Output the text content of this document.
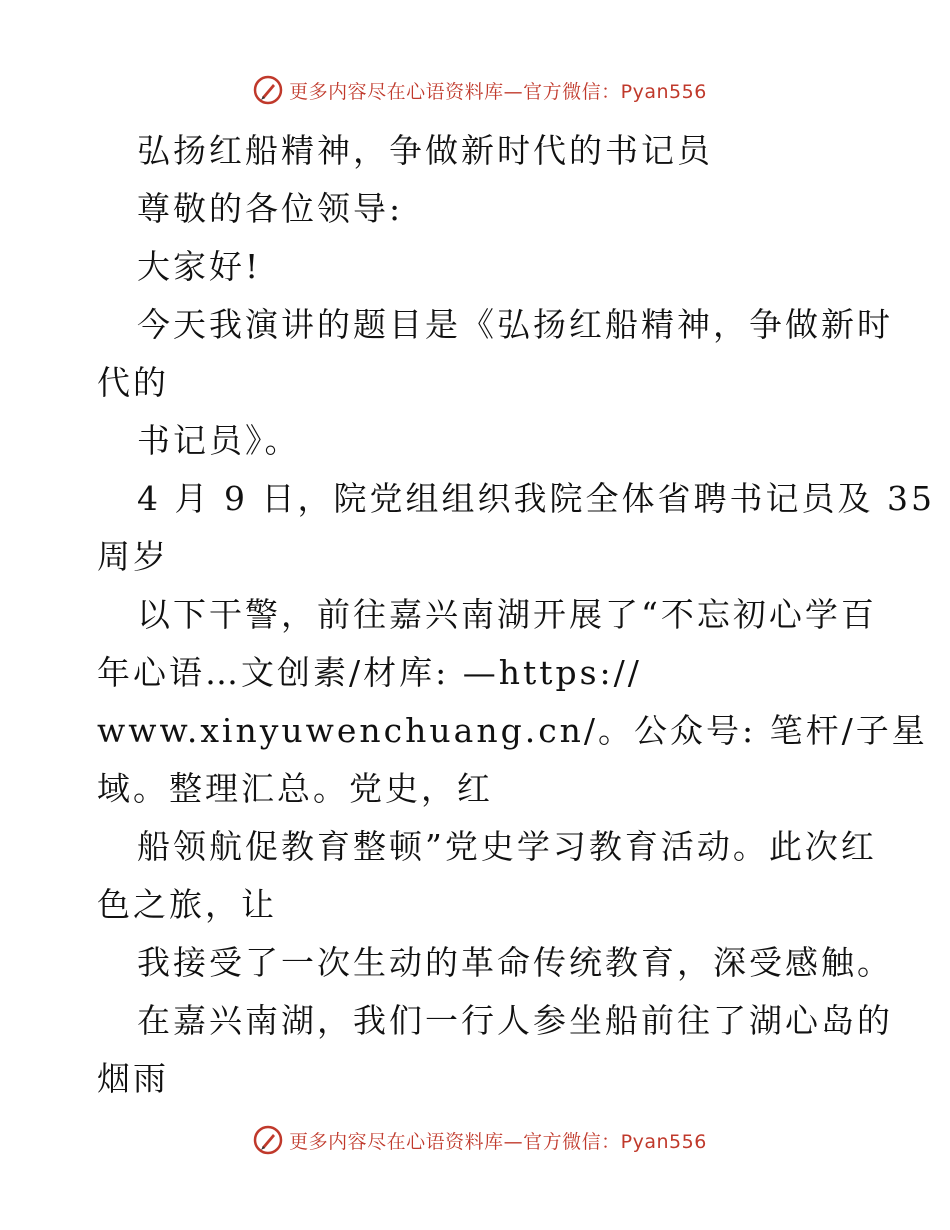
更多内容尽在心语资料库—官方微信：Pyan556
弘扬红船精神，争做新时代的书记员
尊敬的各位领导:
大家好!
今天我演讲的题目是《弘扬红船精神，争做新时
代的
书记员》。
4 月 9 日，院党组组织我院全体省聘书记员及 35
周岁
以下干警，前往嘉兴南湖开展了“不忘初心学百
年心语…文创素/材库: —https://
www.xinyuwenchuang.cn/。公众号: 笔杆/子星
域。整理汇总。党史，红
船领航促教育整顿”党史学习教育活动。此次红
色之旅，让
我接受了一次生动的革命传统教育，深受感触。
在嘉兴南湖，我们一行人参坐船前往了湖心岛的
烟雨
更多内容尽在心语资料库—官方微信：Pyan556
